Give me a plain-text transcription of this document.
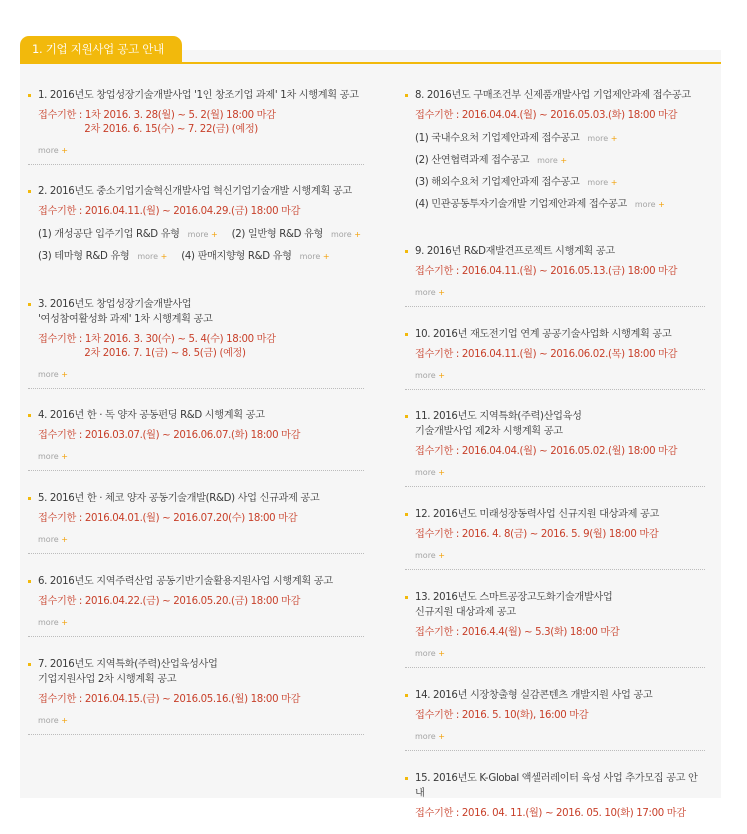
1. 기업 지원사업 공고 안내
1. 2016년도 창업성장기술개발사업 '1인 창조기업 과제' 1차 시행계획 공고
접수기한 : 1차 2016. 3. 28(월) ~ 5. 2(월) 18:00 마감
2차 2016. 6. 15(수) ~ 7. 22(금) (예정)
more +
2. 2016년도 중소기업기술혁신개발사업 혁신기업기술개발 시행계획 공고
접수기한 : 2016.04.11.(월) ~ 2016.04.29.(금) 18:00 마감
(1) 개성공단 입주기업 R&D 유형 more + (2) 일반형 R&D 유형 more +
(3) 테마형 R&D 유형 more + (4) 판매지향형 R&D 유형 more +
3. 2016년도 창업성장기술개발사업
'여성참여활성화 과제' 1차 시행계획 공고
접수기한 : 1차 2016. 3. 30(수) ~ 5. 4(수) 18:00 마감
2차 2016. 7. 1(금) ~ 8. 5(금) (예정)
more +
4. 2016년 한 · 독 양자 공동펀딩 R&D 시행계획 공고
접수기한 : 2016.03.07.(월) ~ 2016.06.07.(화) 18:00 마감
more +
5. 2016년 한 · 체코 양자 공동기술개발(R&D) 사업 신규과제 공고
접수기한 : 2016.04.01.(월) ~ 2016.07.20(수) 18:00 마감
more +
6. 2016년도 지역주력산업 공동기반기술활용지원사업 시행계획 공고
접수기한 : 2016.04.22.(금) ~ 2016.05.20.(금) 18:00 마감
more +
7. 2016년도 지역특화(주력)산업육성사업
기업지원사업 2차 시행계획 공고
접수기한 : 2016.04.15.(금) ~ 2016.05.16.(월) 18:00 마감
more +
8. 2016년도 구매조건부 신제품개발사업 기업제안과제 접수공고
접수기한 : 2016.04.04.(월) ~ 2016.05.03.(화) 18:00 마감
(1) 국내수요처 기업제안과제 접수공고 more +
(2) 산연협력과제 접수공고 more +
(3) 해외수요처 기업제안과제 접수공고 more +
(4) 민관공동투자기술개발 기업제안과제 접수공고 more +
9. 2016년 R&D재발견프로젝트 시행계획 공고
접수기한 : 2016.04.11.(월) ~ 2016.05.13.(금) 18:00 마감
more +
10. 2016년 재도전기업 연계 공공기술사업화 시행계획 공고
접수기한 : 2016.04.11.(월) ~ 2016.06.02.(목) 18:00 마감
more +
11. 2016년도 지역특화(주력)산업육성
기술개발사업 제2차 시행계획 공고
접수기한 : 2016.04.04.(월) ~ 2016.05.02.(월) 18:00 마감
more +
12. 2016년도 미래성장동력사업 신규지원 대상과제 공고
접수기한 : 2016. 4. 8(금) ~ 2016. 5. 9(월) 18:00 마감
more +
13. 2016년도 스마트공장고도화기술개발사업
신규지원 대상과제 공고
접수기한 : 2016.4.4(월) ~ 5.3(화) 18:00 마감
more +
14. 2016년 시장창출형 실감콘텐츠 개발지원 사업 공고
접수기한 : 2016. 5. 10(화), 16:00 마감
more +
15. 2016년도 K-Global 액셀러레이터 육성 사업 추가모집 공고 안내
접수기한 : 2016. 04. 11.(월) ~ 2016. 05. 10(화) 17:00 마감
